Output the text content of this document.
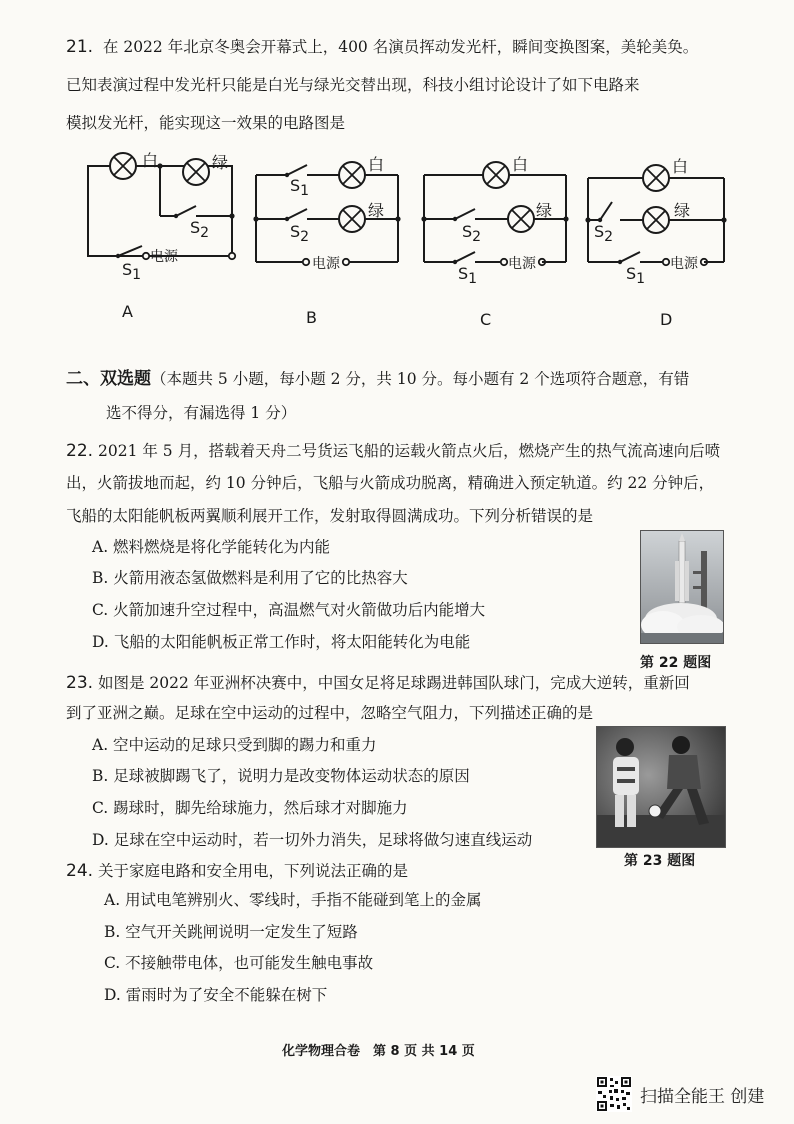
21. 在 2022 年北京冬奥会开幕式上，400 名演员挥动发光杆，瞬间变换图案，美轮美奂。
已知表演过程中发光杆只能是白光与绿光交替出现，科技小组讨论设计了如下电路来
模拟发光杆，能实现这一效果的电路图是
白	绿
$S_2$
$S_1$
电源
白
绿
$S_1$
$S_2$
电源
白
绿
$S_2$
$S_1$
电源
白
绿
$S_2$
$S_1$
电源
A	B	C	D
二、双选题（本题共 5 小题，每小题 2 分，共 10 分。每小题有 2 个选项符合题意，有错
选不得分，有漏选得 1 分）
22. 2021 年 5 月，搭载着天舟二号货运飞船的运载火箭点火后，燃烧产生的热气流高速向后喷
出，火箭拔地而起，约 10 分钟后，飞船与火箭成功脱离，精确进入预定轨道。约 22 分钟后，
飞船的太阳能帆板两翼顺利展开工作，发射取得圆满成功。下列分析错误的是
A. 燃料燃烧是将化学能转化为内能
B. 火箭用液态氢做燃料是利用了它的比热容大
C. 火箭加速升空过程中，高温燃气对火箭做功后内能增大
D. 飞船的太阳能帆板正常工作时，将太阳能转化为电能
第 22 题图
23. 如图是 2022 年亚洲杯决赛中，中国女足将足球踢进韩国队球门，完成大逆转，重新回
到了亚洲之巅。足球在空中运动的过程中，忽略空气阻力，下列描述正确的是
A. 空中运动的足球只受到脚的踢力和重力
B. 足球被脚踢飞了，说明力是改变物体运动状态的原因
C. 踢球时，脚先给球施力，然后球才对脚施力
D. 足球在空中运动时，若一切外力消失，足球将做匀速直线运动
第 23 题图
24. 关于家庭电路和安全用电，下列说法正确的是
A. 用试电笔辨别火、零线时，手指不能碰到笔上的金属
B. 空气开关跳闸说明一定发生了短路
C. 不接触带电体，也可能发生触电事故
D. 雷雨时为了安全不能躲在树下
化学物理合卷　第 8 页 共 14 页
扫描全能王 创建
